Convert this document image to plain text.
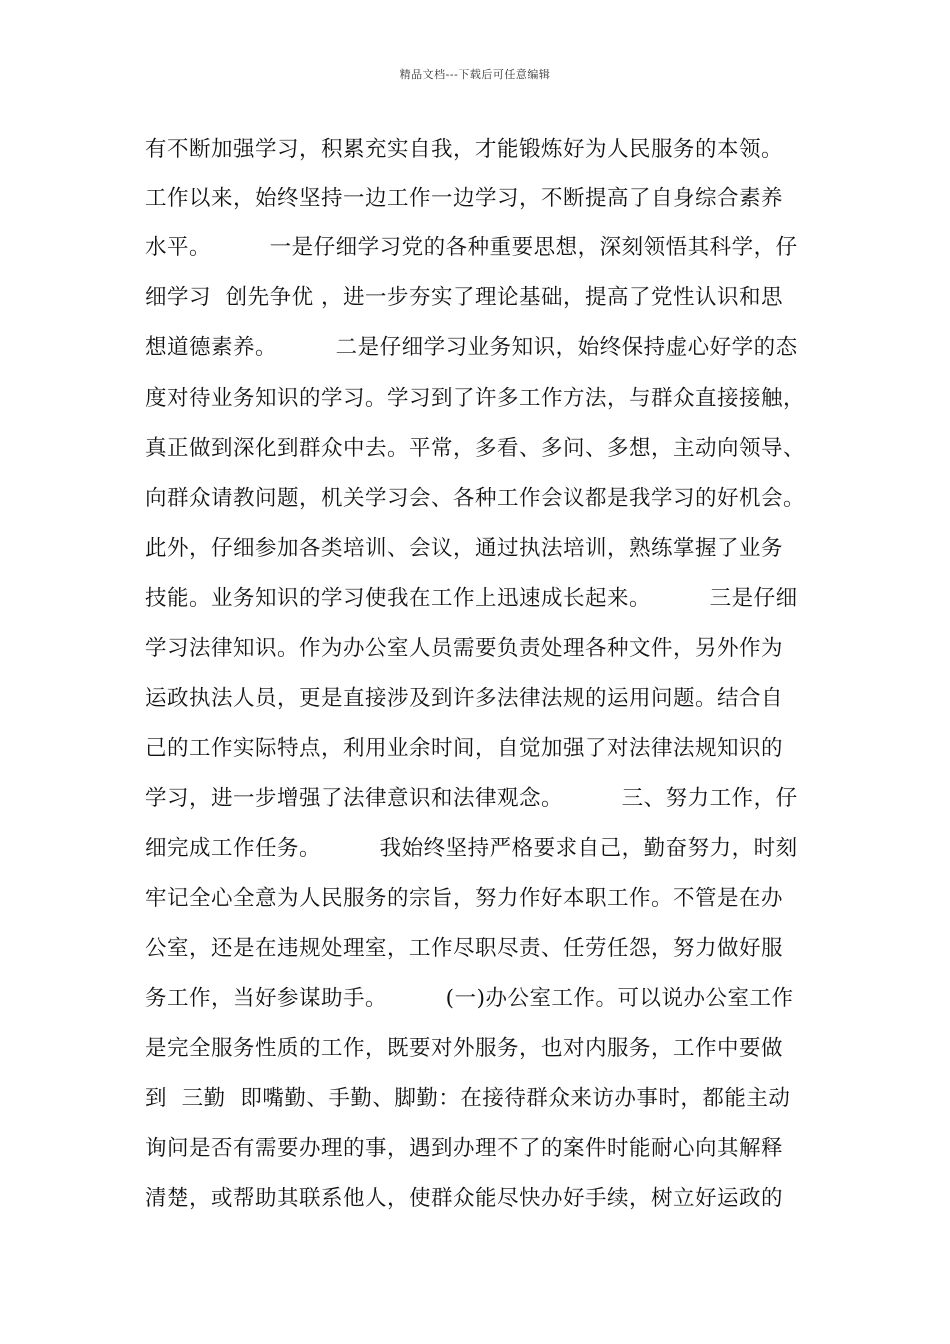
精品文档---下载后可任意编辑
有不断加强学习，积累充实自我，才能锻炼好为人民服务的本领。
工作以来，始终坚持一边工作一边学习，不断提高了自身综合素养
水平。        一是仔细学习党的各种重要思想，深刻领悟其科学，仔
细学习  创先争优 ，进一步夯实了理论基础，提高了党性认识和思
想道德素养。        二是仔细学习业务知识，始终保持虚心好学的态
度对待业务知识的学习。学习到了许多工作方法，与群众直接接触，
真正做到深化到群众中去。平常，多看、多问、多想，主动向领导、
向群众请教问题，机关学习会、各种工作会议都是我学习的好机会。
此外，仔细参加各类培训、会议，通过执法培训，熟练掌握了业务
技能。业务知识的学习使我在工作上迅速成长起来。        三是仔细
学习法律知识。作为办公室人员需要负责处理各种文件，另外作为
运政执法人员，更是直接涉及到许多法律法规的运用问题。结合自
己的工作实际特点，利用业余时间，自觉加强了对法律法规知识的
学习，进一步增强了法律意识和法律观念。        三、努力工作，仔
细完成工作任务。        我始终坚持严格要求自己，勤奋努力，时刻
牢记全心全意为人民服务的宗旨，努力作好本职工作。不管是在办
公室，还是在违规处理室，工作尽职尽责、任劳任怨，努力做好服
务工作，当好参谋助手。        (一)办公室工作。可以说办公室工作
是完全服务性质的工作，既要对外服务，也对内服务，工作中要做
到  三勤  即嘴勤、手勤、脚勤：在接待群众来访办事时，都能主动
询问是否有需要办理的事，遇到办理不了的案件时能耐心向其解释
清楚，或帮助其联系他人，使群众能尽快办好手续，树立好运政的
